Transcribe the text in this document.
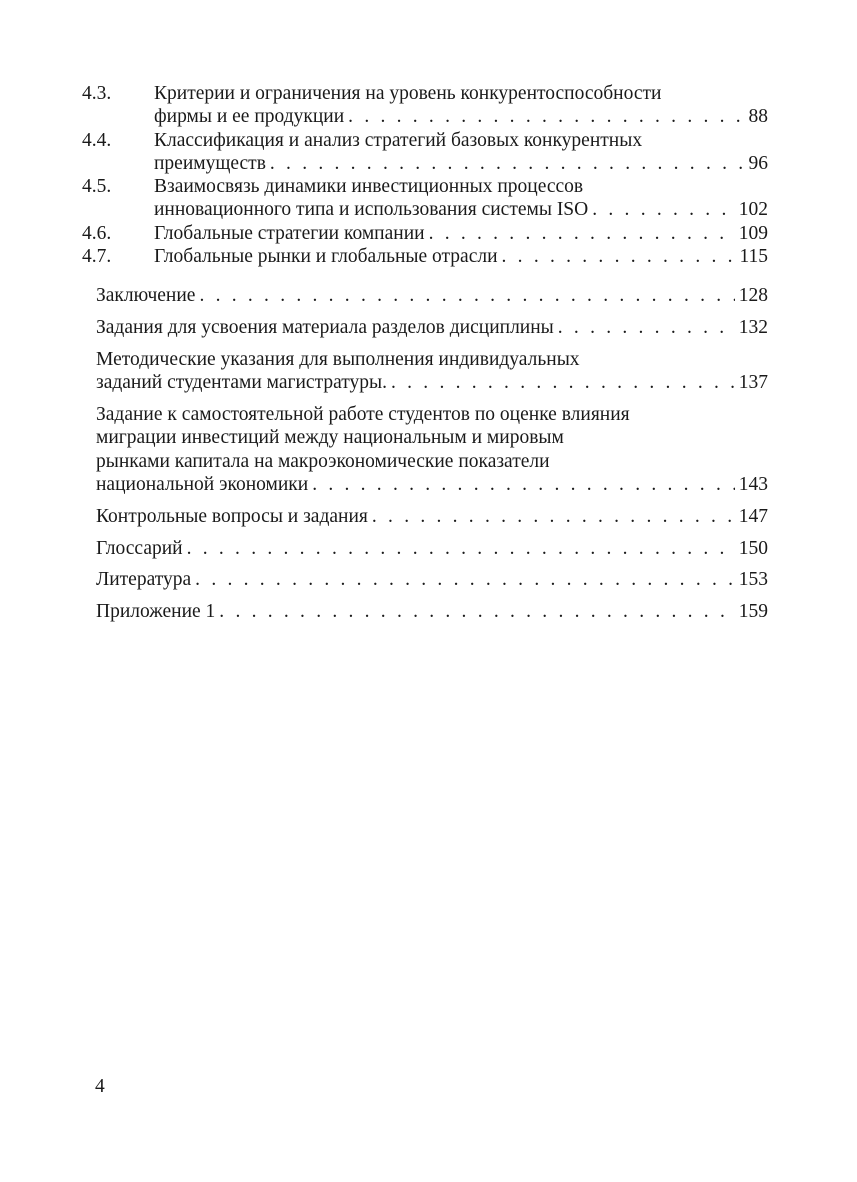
4.3. Критерии и ограничения на уровень конкурентоспособности
фирмы и ее продукции . . .	88
4.4. Классификация и анализ стратегий базовых конкурентных
преимуществ . . .	96
4.5. Взаимосвязь динамики инвестиционных процессов
инновационного типа и использования системы ISO . . .	102
4.6. Глобальные стратегии компании . . .	109
4.7. Глобальные рынки и глобальные отрасли . . .	115
Заключение . . .	128
Задания для усвоения материала разделов дисциплины . . .	132
Методические указания для выполнения индивидуальных
заданий студентами магистратуры. . . .	137
Задание к самостоятельной работе студентов по оценке влияния
миграции инвестиций между национальным и мировым
рынками капитала на макроэкономические показатели
национальной экономики . . .	143
Контрольные вопросы и задания . . .	147
Глоссарий . . .	150
Литература . . .	153
Приложение 1 . . .	159
4
